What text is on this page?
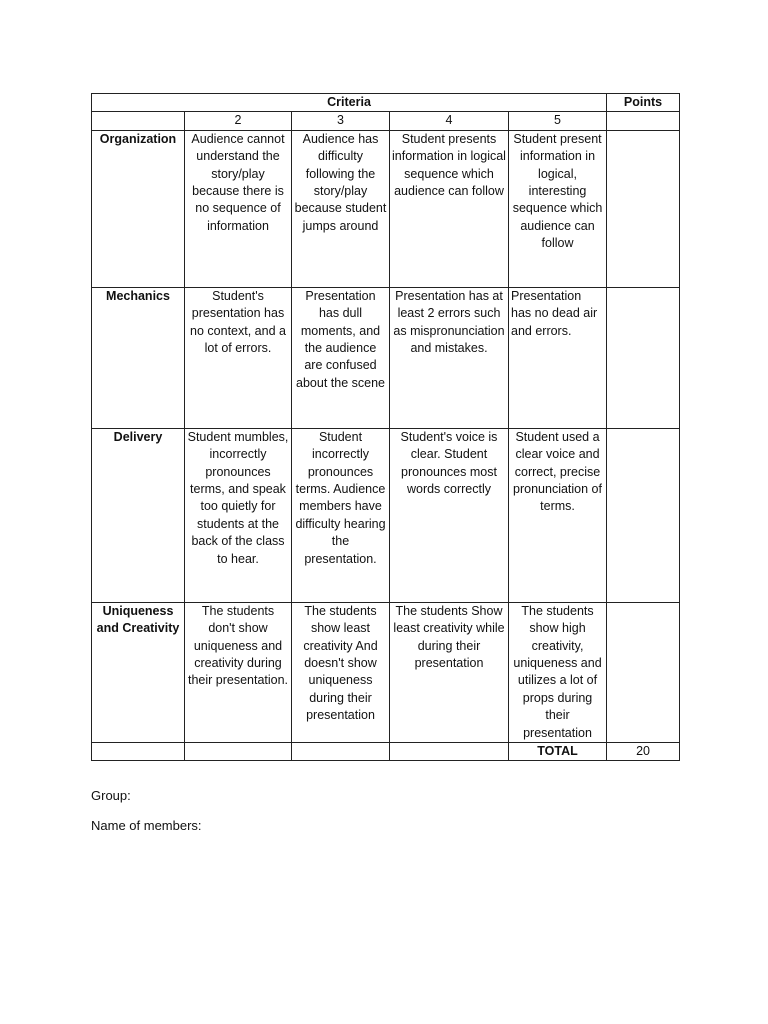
Criteria					Points
	2	3	4	5	
Organization	Audience cannot understand the story/play because there is no sequence of information	Audience has difficulty following the story/play because student jumps around	Student presents information in logical sequence which audience can follow	Student present information in logical, interesting sequence which audience can follow	
Mechanics	Student's presentation has no context, and a lot of errors.	Presentation has dull moments, and the audience are confused about the scene	Presentation has at least 2 errors such as mispronunciation and mistakes.	Presentation has no dead air and errors.	
Delivery	Student mumbles, incorrectly pronounces terms, and speak too quietly for students at the back of the class to hear.	Student incorrectly pronounces terms. Audience members have difficulty hearing the presentation.	Student's voice is clear. Student pronounces most words correctly	Student used a clear voice and correct, precise pronunciation of terms.	
Uniqueness and Creativity	The students don't show uniqueness and creativity during their presentation.	The students show least creativity And doesn't show uniqueness during their presentation	The students Show least creativity while during their presentation	The students show high creativity, uniqueness and utilizes a lot of props during their presentation	
				TOTAL	20
Group:
Name of members:
